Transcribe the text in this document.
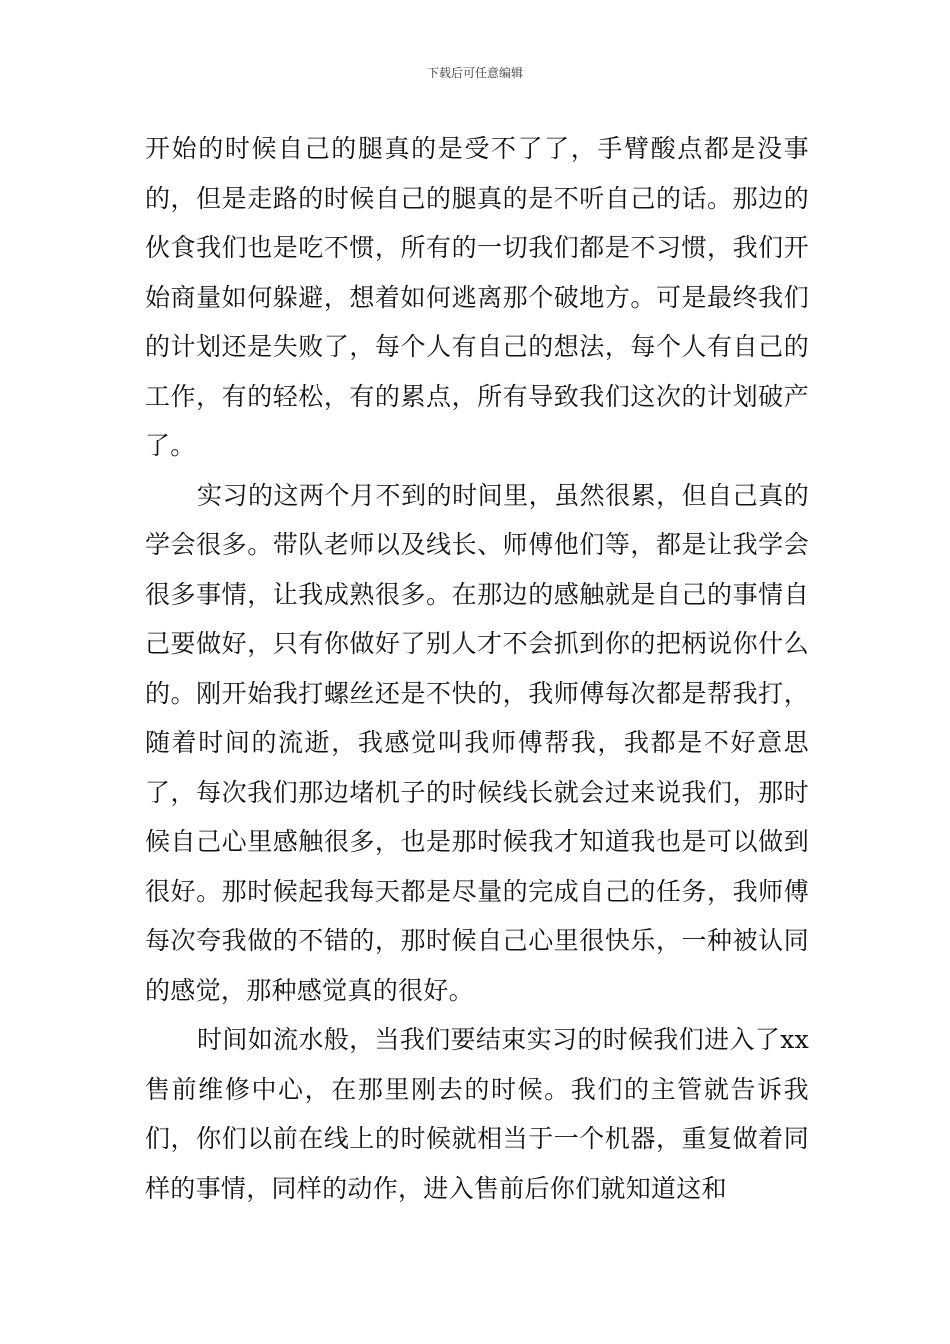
下载后可任意编辑

开始的时候自己的腿真的是受不了了，手臂酸点都是没事的，但是走路的时候自己的腿真的是不听自己的话。那边的伙食我们也是吃不惯，所有的一切我们都是不习惯，我们开始商量如何躲避，想着如何逃离那个破地方。可是最终我们的计划还是失败了，每个人有自己的想法，每个人有自己的工作，有的轻松，有的累点，所有导致我们这次的计划破产了。

实习的这两个月不到的时间里，虽然很累，但自己真的学会很多。带队老师以及线长、师傅他们等，都是让我学会很多事情，让我成熟很多。在那边的感触就是自己的事情自己要做好，只有你做好了别人才不会抓到你的把柄说你什么的。刚开始我打螺丝还是不快的，我师傅每次都是帮我打，随着时间的流逝，我感觉叫我师傅帮我，我都是不好意思了，每次我们那边堵机子的时候线长就会过来说我们，那时候自己心里感触很多，也是那时候我才知道我也是可以做到很好。那时候起我每天都是尽量的完成自己的任务，我师傅每次夸我做的不错的，那时候自己心里很快乐，一种被认同的感觉，那种感觉真的很好。

时间如流水般，当我们要结束实习的时候我们进入了xx售前维修中心，在那里刚去的时候。我们的主管就告诉我们，你们以前在线上的时候就相当于一个机器，重复做着同样的事情，同样的动作，进入售前后你们就知道这和
